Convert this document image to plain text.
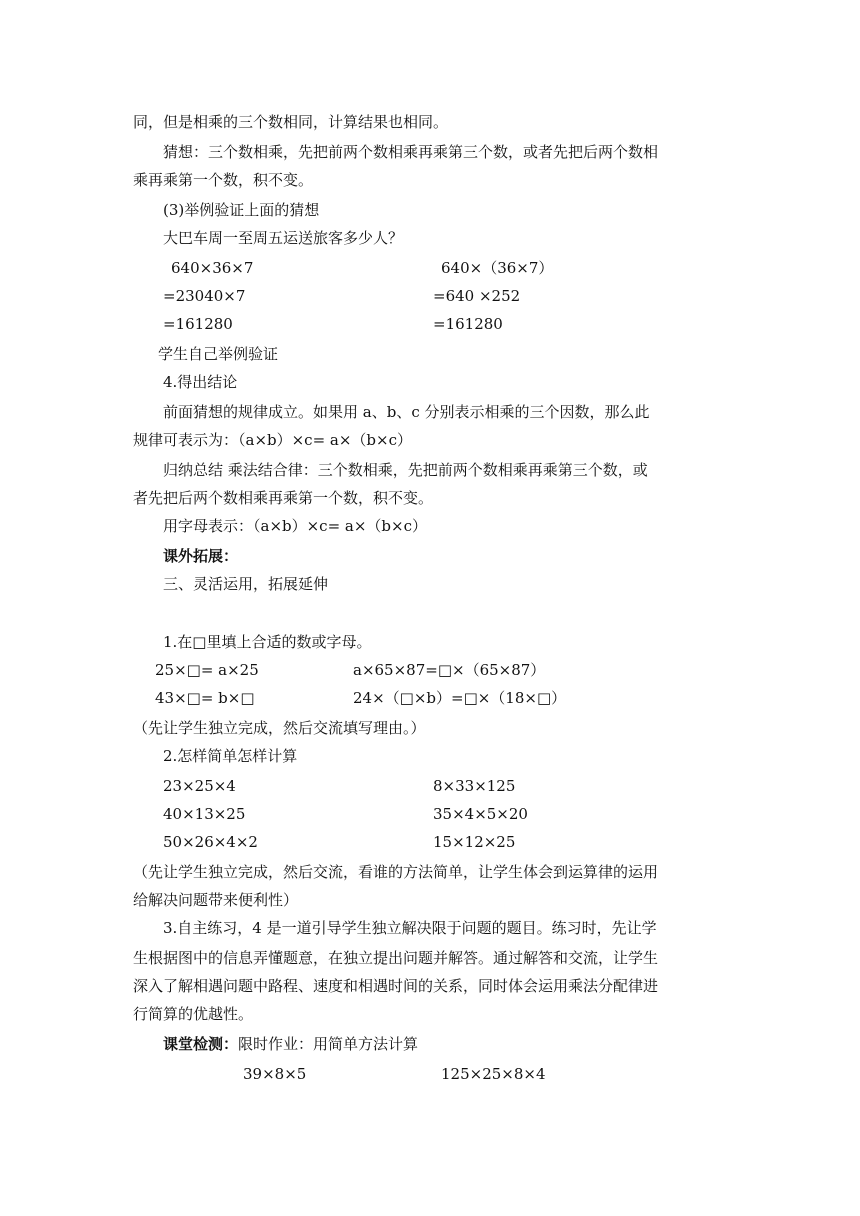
同，但是相乘的三个数相同，计算结果也相同。
猜想：三个数相乘，先把前两个数相乘再乘第三个数，或者先把后两个数相
乘再乘第一个数，积不变。
(3)举例验证上面的猜想
大巴车周一至周五运送旅客多少人？
640×36×7	640×（36×7）
=23040×7	=640 ×252
=161280	=161280
学生自己举例验证
4.得出结论
前面猜想的规律成立。如果用 a、b、c 分别表示相乘的三个因数，那么此
规律可表示为：（a×b）×c= a×（b×c）
归纳总结 乘法结合律：三个数相乘，先把前两个数相乘再乘第三个数，或
者先把后两个数相乘再乘第一个数，积不变。
用字母表示：（a×b）×c= a×（b×c）
课外拓展：
三、灵活运用，拓展延伸
1.在□里填上合适的数或字母。
25×□= a×25	a×65×87=□×（65×87）
43×□= b×□	24×（□×b）=□×（18×□）
（先让学生独立完成，然后交流填写理由。）
2.怎样简单怎样计算
23×25×4	8×33×125
40×13×25	35×4×5×20
50×26×4×2	15×12×25
（先让学生独立完成，然后交流，看谁的方法简单，让学生体会到运算律的运用
给解决问题带来便利性）
3.自主练习，4 是一道引导学生独立解决限于问题的题目。练习时，先让学
生根据图中的信息弄懂题意，在独立提出问题并解答。通过解答和交流，让学生
深入了解相遇问题中路程、速度和相遇时间的关系，同时体会运用乘法分配律进
行简算的优越性。
课堂检测：限时作业：用简单方法计算
39×8×5	125×25×8×4
